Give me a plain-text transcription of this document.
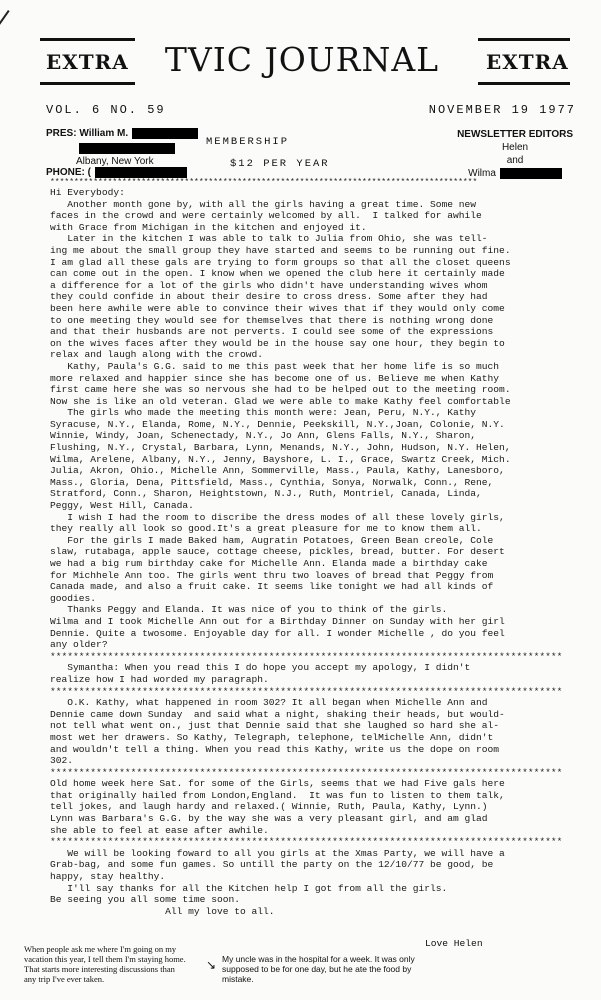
EXTRA	TVIC JOURNAL	EXTRA
VOL. 6 NO. 59	NOVEMBER 19 1977
PRES: William M.
Albany, New York
PHONE: (
MEMBERSHIP
$12 PER YEAR
NEWSLETTER EDITORS
Helen
and
Wilma
*****************************************************************************************
Hi Everybody:
Another month gone by, with all the girls having a great time. Some new
faces in the crowd and were certainly welcomed by all.  I talked for awhile
with Grace from Michigan in the kitchen and enjoyed it.
Later in the kitchen I was able to talk to Julia from Ohio, she was tell-
ing me about the small group they have started and seems to be running out fine.
I am glad all these gals are trying to form groups so that all the closet queens
can come out in the open. I know when we opened the club here it certainly made
a difference for a lot of the girls who didn't have understanding wives whom
they could confide in about their desire to cross dress. Some after they had
been here awhile were able to convince their wives that if they would only come
to one meeting they would see for themselves that there is nothing wrong done
and that their husbands are not perverts. I could see some of the expressions
on the wives faces after they would be in the house say one hour, they begin to
relax and laugh along with the crowd.
Kathy, Paula's G.G. said to me this past week that her home life is so much
more relaxed and happier since she has become one of us. Believe me when Kathy
first came here she was so nervous she had to be helped out to the meeting room.
Now she is like an old veteran. Glad we were able to make Kathy feel comfortable
The girls who made the meeting this month were: Jean, Peru, N.Y., Kathy
Syracuse, N.Y., Elanda, Rome, N.Y., Dennie, Peekskill, N.Y.,Joan, Colonie, N.Y.
Winnie, Windy, Joan, Schenectady, N.Y., Jo Ann, Glens Falls, N.Y., Sharon,
Flushing, N.Y., Crystal, Barbara, Lynn, Menands, N.Y., John, Hudson, N.Y. Helen,
Wilma, Arelene, Albany, N.Y., Jenny, Bayshore, L. I., Grace, Swartz Creek, Mich.
Julia, Akron, Ohio., Michelle Ann, Sommerville, Mass., Paula, Kathy, Lanesboro,
Mass., Gloria, Dena, Pittsfield, Mass., Cynthia, Sonya, Norwalk, Conn., Rene,
Stratford, Conn., Sharon, Heightstown, N.J., Ruth, Montriel, Canada, Linda,
Peggy, West Hill, Canada.
I wish I had the room to discribe the dress modes of all these lovely girls,
they really all look so good.It's a great pleasure for me to know them all.
For the girls I made Baked ham, Augratin Potatoes, Green Bean creole, Cole
slaw, rutabaga, apple sauce, cottage cheese, pickles, bread, butter. For desert
we had a big rum birthday cake for Michelle Ann. Elanda made a birthday cake
for Michhele Ann too. The girls went thru two loaves of bread that Peggy from
Canada made, and also a fruit cake. It seems like tonight we had all kinds of
goodies.
Thanks Peggy and Elanda. It was nice of you to think of the girls.
Wilma and I took Michelle Ann out for a Birthday Dinner on Sunday with her girl
Dennie. Quite a twosome. Enjoyable day for all. I wonder Michelle , do you feel
any older?
*****************************************************************************************
Symantha: When you read this I do hope you accept my apology, I didn't
realize how I had worded my paragraph.
*****************************************************************************************
O.K. Kathy, what happened in room 302? It all began when Michelle Ann and
Dennie came down Sunday  and said what a night, shaking their heads, but would-
not tell what went on., just that Dennie said that she laughed so hard she al-
most wet her drawers. So Kathy, Telegraph, telephone, telMichelle Ann, didn't
and wouldn't tell a thing. When you read this Kathy, write us the dope on room
302.
*****************************************************************************************
Old home week here Sat. for some of the Girls, seems that we had Five gals here
that originally hailed from London,England.  It was fun to listen to them talk,
tell jokes, and laugh hardy and relaxed.( Winnie, Ruth, Paula, Kathy, Lynn.)
Lynn was Barbara's G.G. by the way she was a very pleasant girl, and am glad
she able to feel at ease after awhile.
*****************************************************************************************
We will be looking foward to all you girls at the Xmas Party, we will have a
Grab-bag, and some fun games. So untill the party on the 12/10/77 be good, be
happy, stay healthy.
I'll say thanks for all the Kitchen help I got from all the girls.
Be seeing you all some time soon.
All my love to all.
Love Helen
When people ask me where I'm going on my vacation this year, I tell them I'm staying home. That starts more interesting discussions than any trip I've ever taken.
↘ My uncle was in the hospital for a week. It was only supposed to be for one day, but he ate the food by mistake.
